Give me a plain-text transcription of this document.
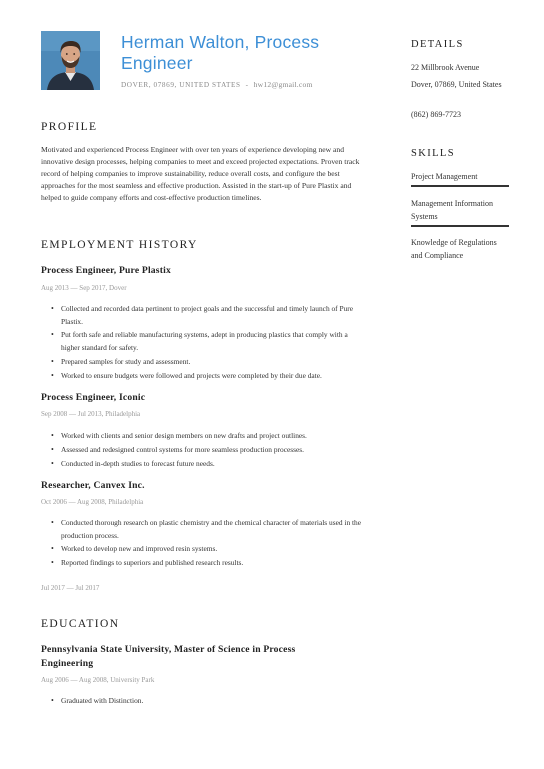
Herman Walton, Process Engineer
DOVER, 07869, UNITED STATES - hw12@gmail.com
PROFILE
Motivated and experienced Process Engineer with over ten years of experience developing new and innovative design processes, helping companies to meet and exceed projected expectations. Proven track record of helping companies to improve sustainability, reduce overall costs, and configure the best approaches for the most seamless and effective production. Assisted in the start-up of Pure Plastix and helped to guide company efforts and cost-effective production timelines.
EMPLOYMENT HISTORY
Process Engineer, Pure Plastix
Aug 2013 — Sep 2017, Dover
• Collected and recorded data pertinent to project goals and the successful and timely launch of Pure Plastix.
• Put forth safe and reliable manufacturing systems, adept in producing plastics that comply with a higher standard for safety.
• Prepared samples for study and assessment.
• Worked to ensure budgets were followed and projects were completed by their due date.
Process Engineer, Iconic
Sep 2008 — Jul 2013, Philadelphia
• Worked with clients and senior design members on new drafts and project outlines.
• Assessed and redesigned control systems for more seamless production processes.
• Conducted in-depth studies to forecast future needs.
Researcher, Canvex Inc.
Oct 2006 — Aug 2008, Philadelphia
• Conducted thorough research on plastic chemistry and the chemical character of materials used in the production process.
• Worked to develop new and improved resin systems.
• Reported findings to superiors and published research results.
Jul 2017 — Jul 2017
EDUCATION
Pennsylvania State University, Master of Science in Process Engineering
Aug 2006 — Aug 2008, University Park
• Graduated with Distinction.
DETAILS
22 Millbrook Avenue
Dover, 07869, United States
(862) 869-7723
SKILLS
Project Management
Management Information Systems
Knowledge of Regulations and Compliance
